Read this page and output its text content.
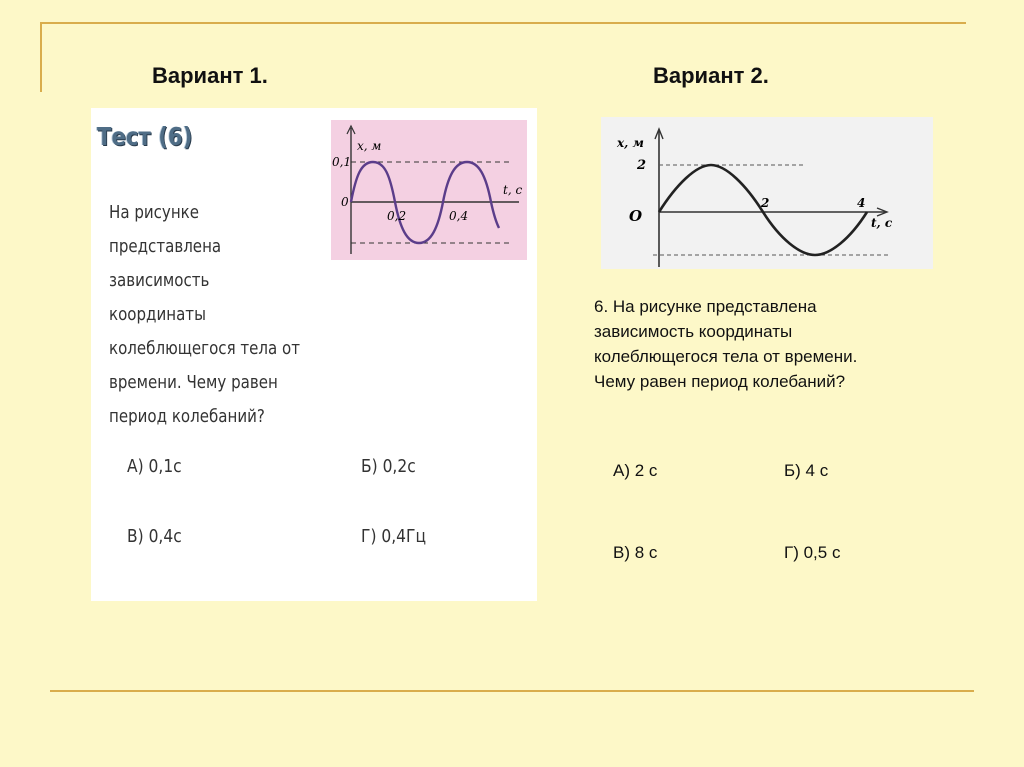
Вариант 1.	Вариант 2.
Тест (6)	x, м
0,1
0
0,2	0,4
t, с
На рисунке представлена
зависимость координаты
колеблющегося тела от
времени. Чему равен
период колебаний?
А) 0,1с	Б) 0,2с
В) 0,4с	Г) 0,4Гц
x, м
2
O
2	4
t, с
6. На рисунке представлена
зависимость координаты
колеблющегося тела от времени.
Чему равен период колебаний?
А) 2 с	Б) 4 с
В) 8 с	Г) 0,5 с
